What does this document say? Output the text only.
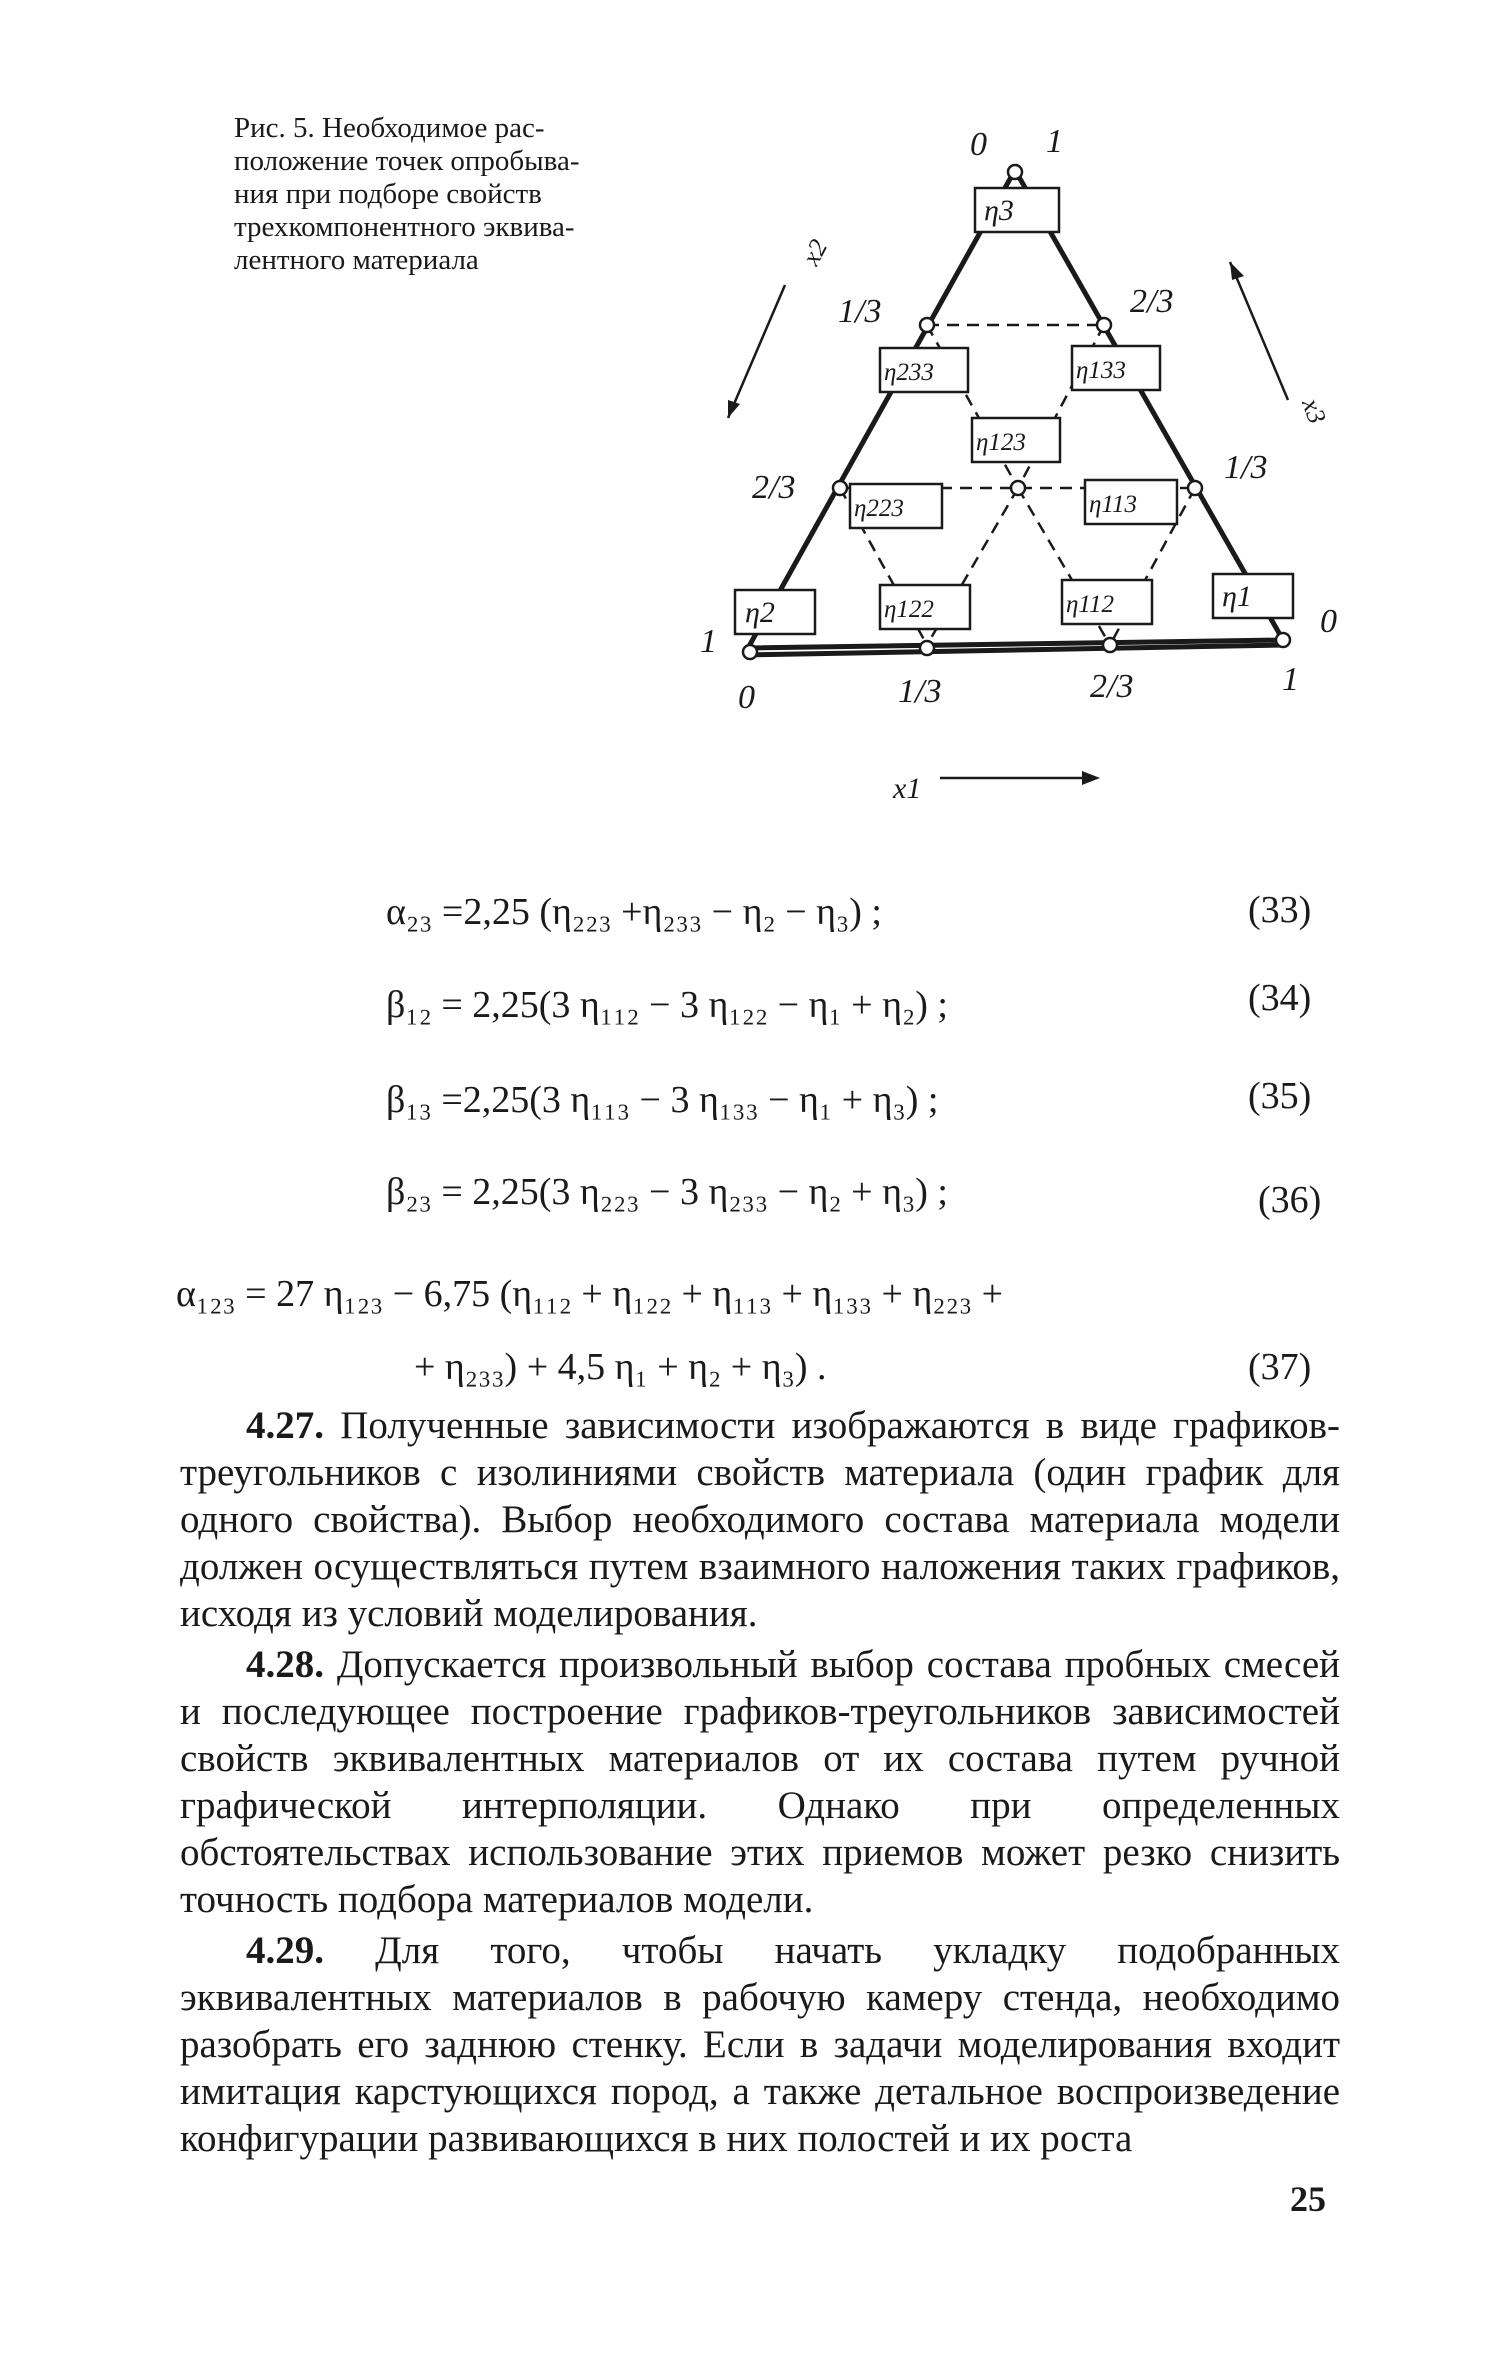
Рис. 5. Необходимое рас-
положение точек опробыва-
ния при подборе свойств
трехкомпонентного эквива-
лентного материала
η3
η233	η133
η123
η223	η113
η2	η122	η112	η1
0 1
1/3
2/3
1
2/3
1/3
0
0	1/3	2/3	1
x2
x3
x1
α₂₃ =2,25 (η₂₂₃ +η₂₃₃ − η₂ − η₃) ;	(33)
β₁₂ = 2,25(3 η₁₁₂ − 3 η₁₂₂ − η₁ + η₂) ;	(34)
β₁₃ =2,25(3 η₁₁₃ − 3 η₁₃₃ − η₁ + η₃) ;	(35)
β₂₃ = 2,25(3 η₂₂₃ − 3 η₂₃₃ − η₂ + η₃) ;	(36)
α₁₂₃ = 27 η₁₂₃ − 6,75 (η₁₁₂ + η₁₂₂ + η₁₁₃ + η₁₃₃ + η₂₂₃ +
+ η₂₃₃) + 4,5 η₁ + η₂ + η₃) .	(37)

4.27. Полученные зависимости изображаются в виде графиков-треугольников с изолиниями свойств материала (один график для одного свойства). Выбор необходимого состава материала модели должен осуществляться путем взаимного наложения таких графиков, исходя из условий моделирования.

4.28. Допускается произвольный выбор состава пробных смесей и последующее построение графиков-треугольников зависимостей свойств эквивалентных материалов от их состава путем ручной графической интерполяции. Однако при определенных обстоятельствах использование этих приемов может резко снизить точность подбора материалов модели.

4.29. Для того, чтобы начать укладку подобранных эквивалентных материалов в рабочую камеру стенда, необходимо разобрать его заднюю стенку. Если в задачи моделирования входит имитация карстующихся пород, а также детальное воспроизведение конфигурации развивающихся в них полостей и их роста

25
